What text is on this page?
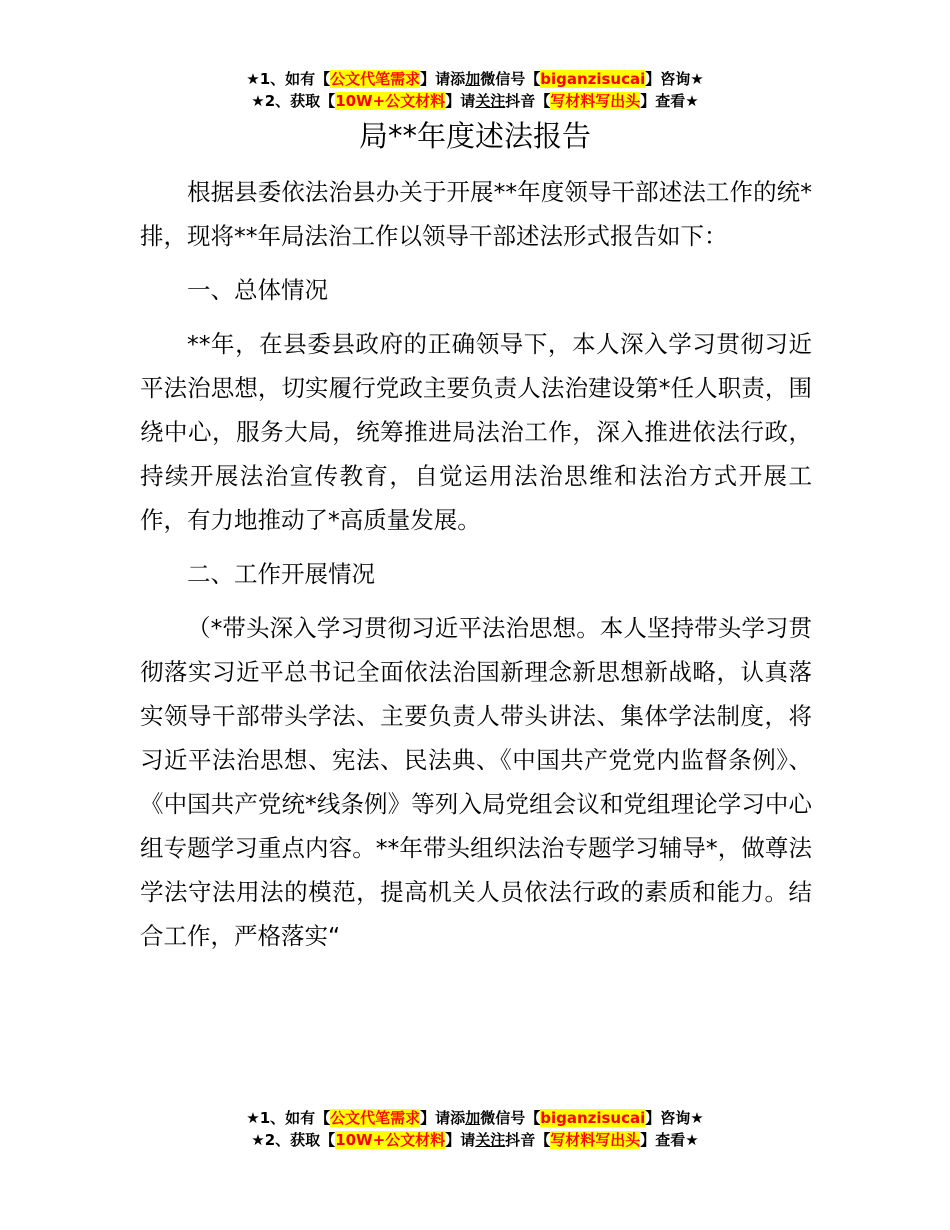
★1、如有【公文代笔需求】请添加微信号【biganzisucai】咨询★
★2、获取【10W+公文材料】请关注抖音【写材料写出头】查看★
局**年度述法报告

根据县委依法治县办关于开展**年度领导干部述法工作的统*排，现将**年局法治工作以领导干部述法形式报告如下：

一、总体情况

**年，在县委县政府的正确领导下，本人深入学习贯彻习近平法治思想，切实履行党政主要负责人法治建设第*任人职责，围绕中心，服务大局，统筹推进局法治工作，深入推进依法行政，持续开展法治宣传教育，自觉运用法治思维和法治方式开展工作，有力地推动了*高质量发展。

二、工作开展情况

（*带头深入学习贯彻习近平法治思想。本人坚持带头学习贯彻落实习近平总书记全面依法治国新理念新思想新战略，认真落实领导干部带头学法、主要负责人带头讲法、集体学法制度，将习近平法治思想、宪法、民法典、《中国共产党党内监督条例》、《中国共产党统*线条例》等列入局党组会议和党组理论学习中心组专题学习重点内容。**年带头组织法治专题学习辅导*，做尊法学法守法用法的模范，提高机关人员依法行政的素质和能力。结合工作，严格落实“

★1、如有【公文代笔需求】请添加微信号【biganzisucai】咨询★
★2、获取【10W+公文材料】请关注抖音【写材料写出头】查看★
